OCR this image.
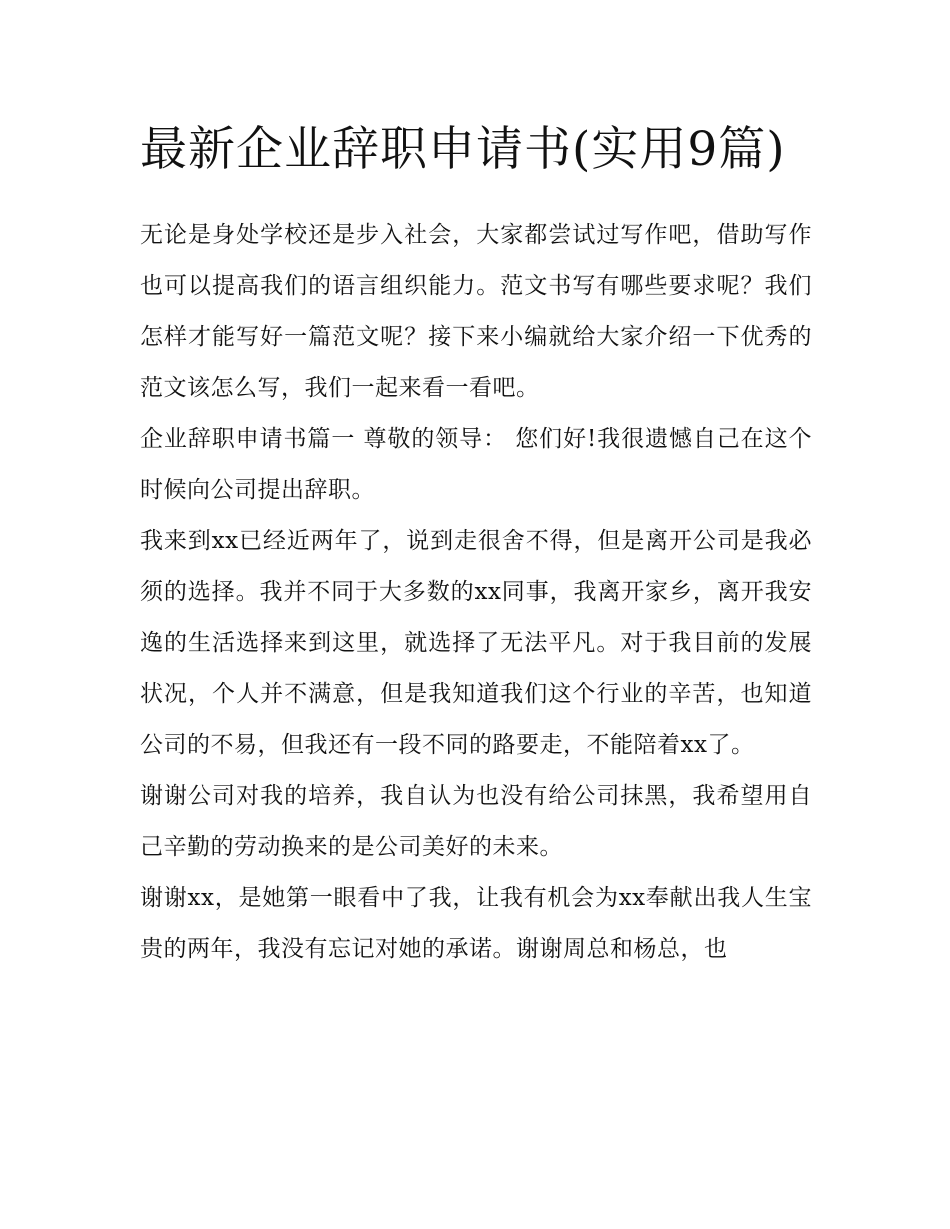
最新企业辞职申请书(实用9篇)

无论是身处学校还是步入社会，大家都尝试过写作吧，借助写作也可以提高我们的语言组织能力。范文书写有哪些要求呢？我们怎样才能写好一篇范文呢？接下来小编就给大家介绍一下优秀的范文该怎么写，我们一起来看一看吧。

企业辞职申请书篇一 尊敬的领导： 您们好!我很遗憾自己在这个时候向公司提出辞职。

我来到xx已经近两年了，说到走很舍不得，但是离开公司是我必须的选择。我并不同于大多数的xx同事，我离开家乡，离开我安逸的生活选择来到这里，就选择了无法平凡。对于我目前的发展状况，个人并不满意，但是我知道我们这个行业的辛苦，也知道公司的不易，但我还有一段不同的路要走，不能陪着xx了。

谢谢公司对我的培养，我自认为也没有给公司抹黑，我希望用自己辛勤的劳动换来的是公司美好的未来。

谢谢xx，是她第一眼看中了我，让我有机会为xx奉献出我人生宝贵的两年，我没有忘记对她的承诺。谢谢周总和杨总，也
